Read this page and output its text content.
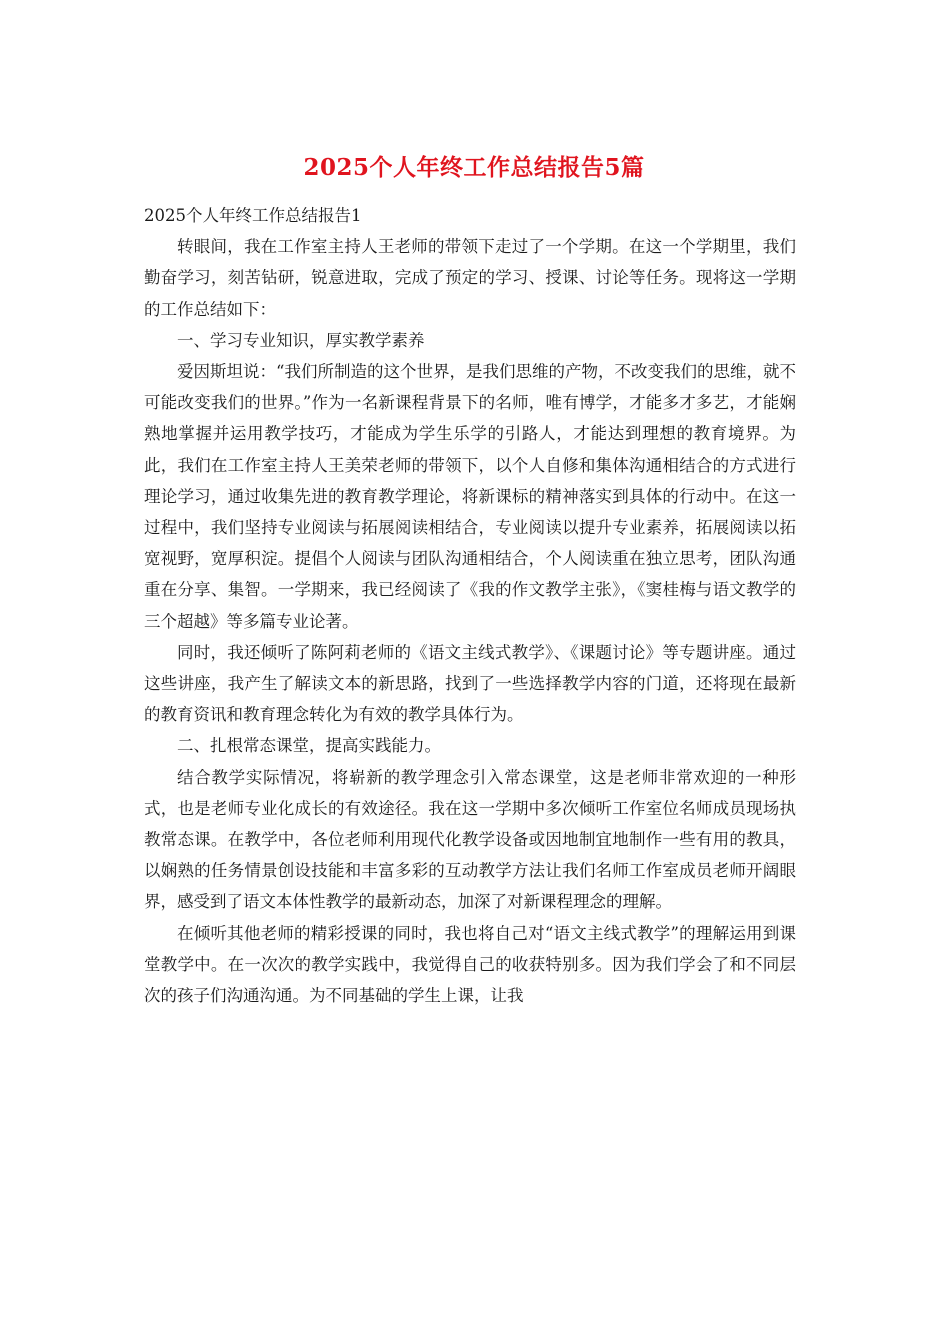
2025个人年终工作总结报告5篇

2025个人年终工作总结报告1

转眼间，我在工作室主持人王老师的带领下走过了一个学期。在这一个学期里，我们勤奋学习，刻苦钻研，锐意进取，完成了预定的学习、授课、讨论等任务。现将这一学期的工作总结如下：

一、学习专业知识，厚实教学素养

爱因斯坦说：“我们所制造的这个世界，是我们思维的产物，不改变我们的思维，就不可能改变我们的世界。”作为一名新课程背景下的名师，唯有博学，才能多才多艺，才能娴熟地掌握并运用教学技巧，才能成为学生乐学的引路人，才能达到理想的教育境界。为此，我们在工作室主持人王美荣老师的带领下，以个人自修和集体沟通相结合的方式进行理论学习，通过收集先进的教育教学理论，将新课标的精神落实到具体的行动中。在这一过程中，我们坚持专业阅读与拓展阅读相结合，专业阅读以提升专业素养，拓展阅读以拓宽视野，宽厚积淀。提倡个人阅读与团队沟通相结合，个人阅读重在独立思考，团队沟通重在分享、集智。一学期来，我已经阅读了《我的作文教学主张》，《窦桂梅与语文教学的三个超越》等多篇专业论著。

同时，我还倾听了陈阿莉老师的《语文主线式教学》、《课题讨论》等专题讲座。通过这些讲座，我产生了解读文本的新思路，找到了一些选择教学内容的门道，还将现在最新的教育资讯和教育理念转化为有效的教学具体行为。

二、扎根常态课堂，提高实践能力。

结合教学实际情况，将崭新的教学理念引入常态课堂，这是老师非常欢迎的一种形式，也是老师专业化成长的有效途径。我在这一学期中多次倾听工作室位名师成员现场执教常态课。在教学中，各位老师利用现代化教学设备或因地制宜地制作一些有用的教具，以娴熟的任务情景创设技能和丰富多彩的互动教学方法让我们名师工作室成员老师开阔眼界，感受到了语文本体性教学的最新动态，加深了对新课程理念的理解。

在倾听其他老师的精彩授课的同时，我也将自己对“语文主线式教学”的理解运用到课堂教学中。在一次次的教学实践中，我觉得自己的收获特别多。因为我们学会了和不同层次的孩子们沟通沟通。为不同基础的学生上课，让我
